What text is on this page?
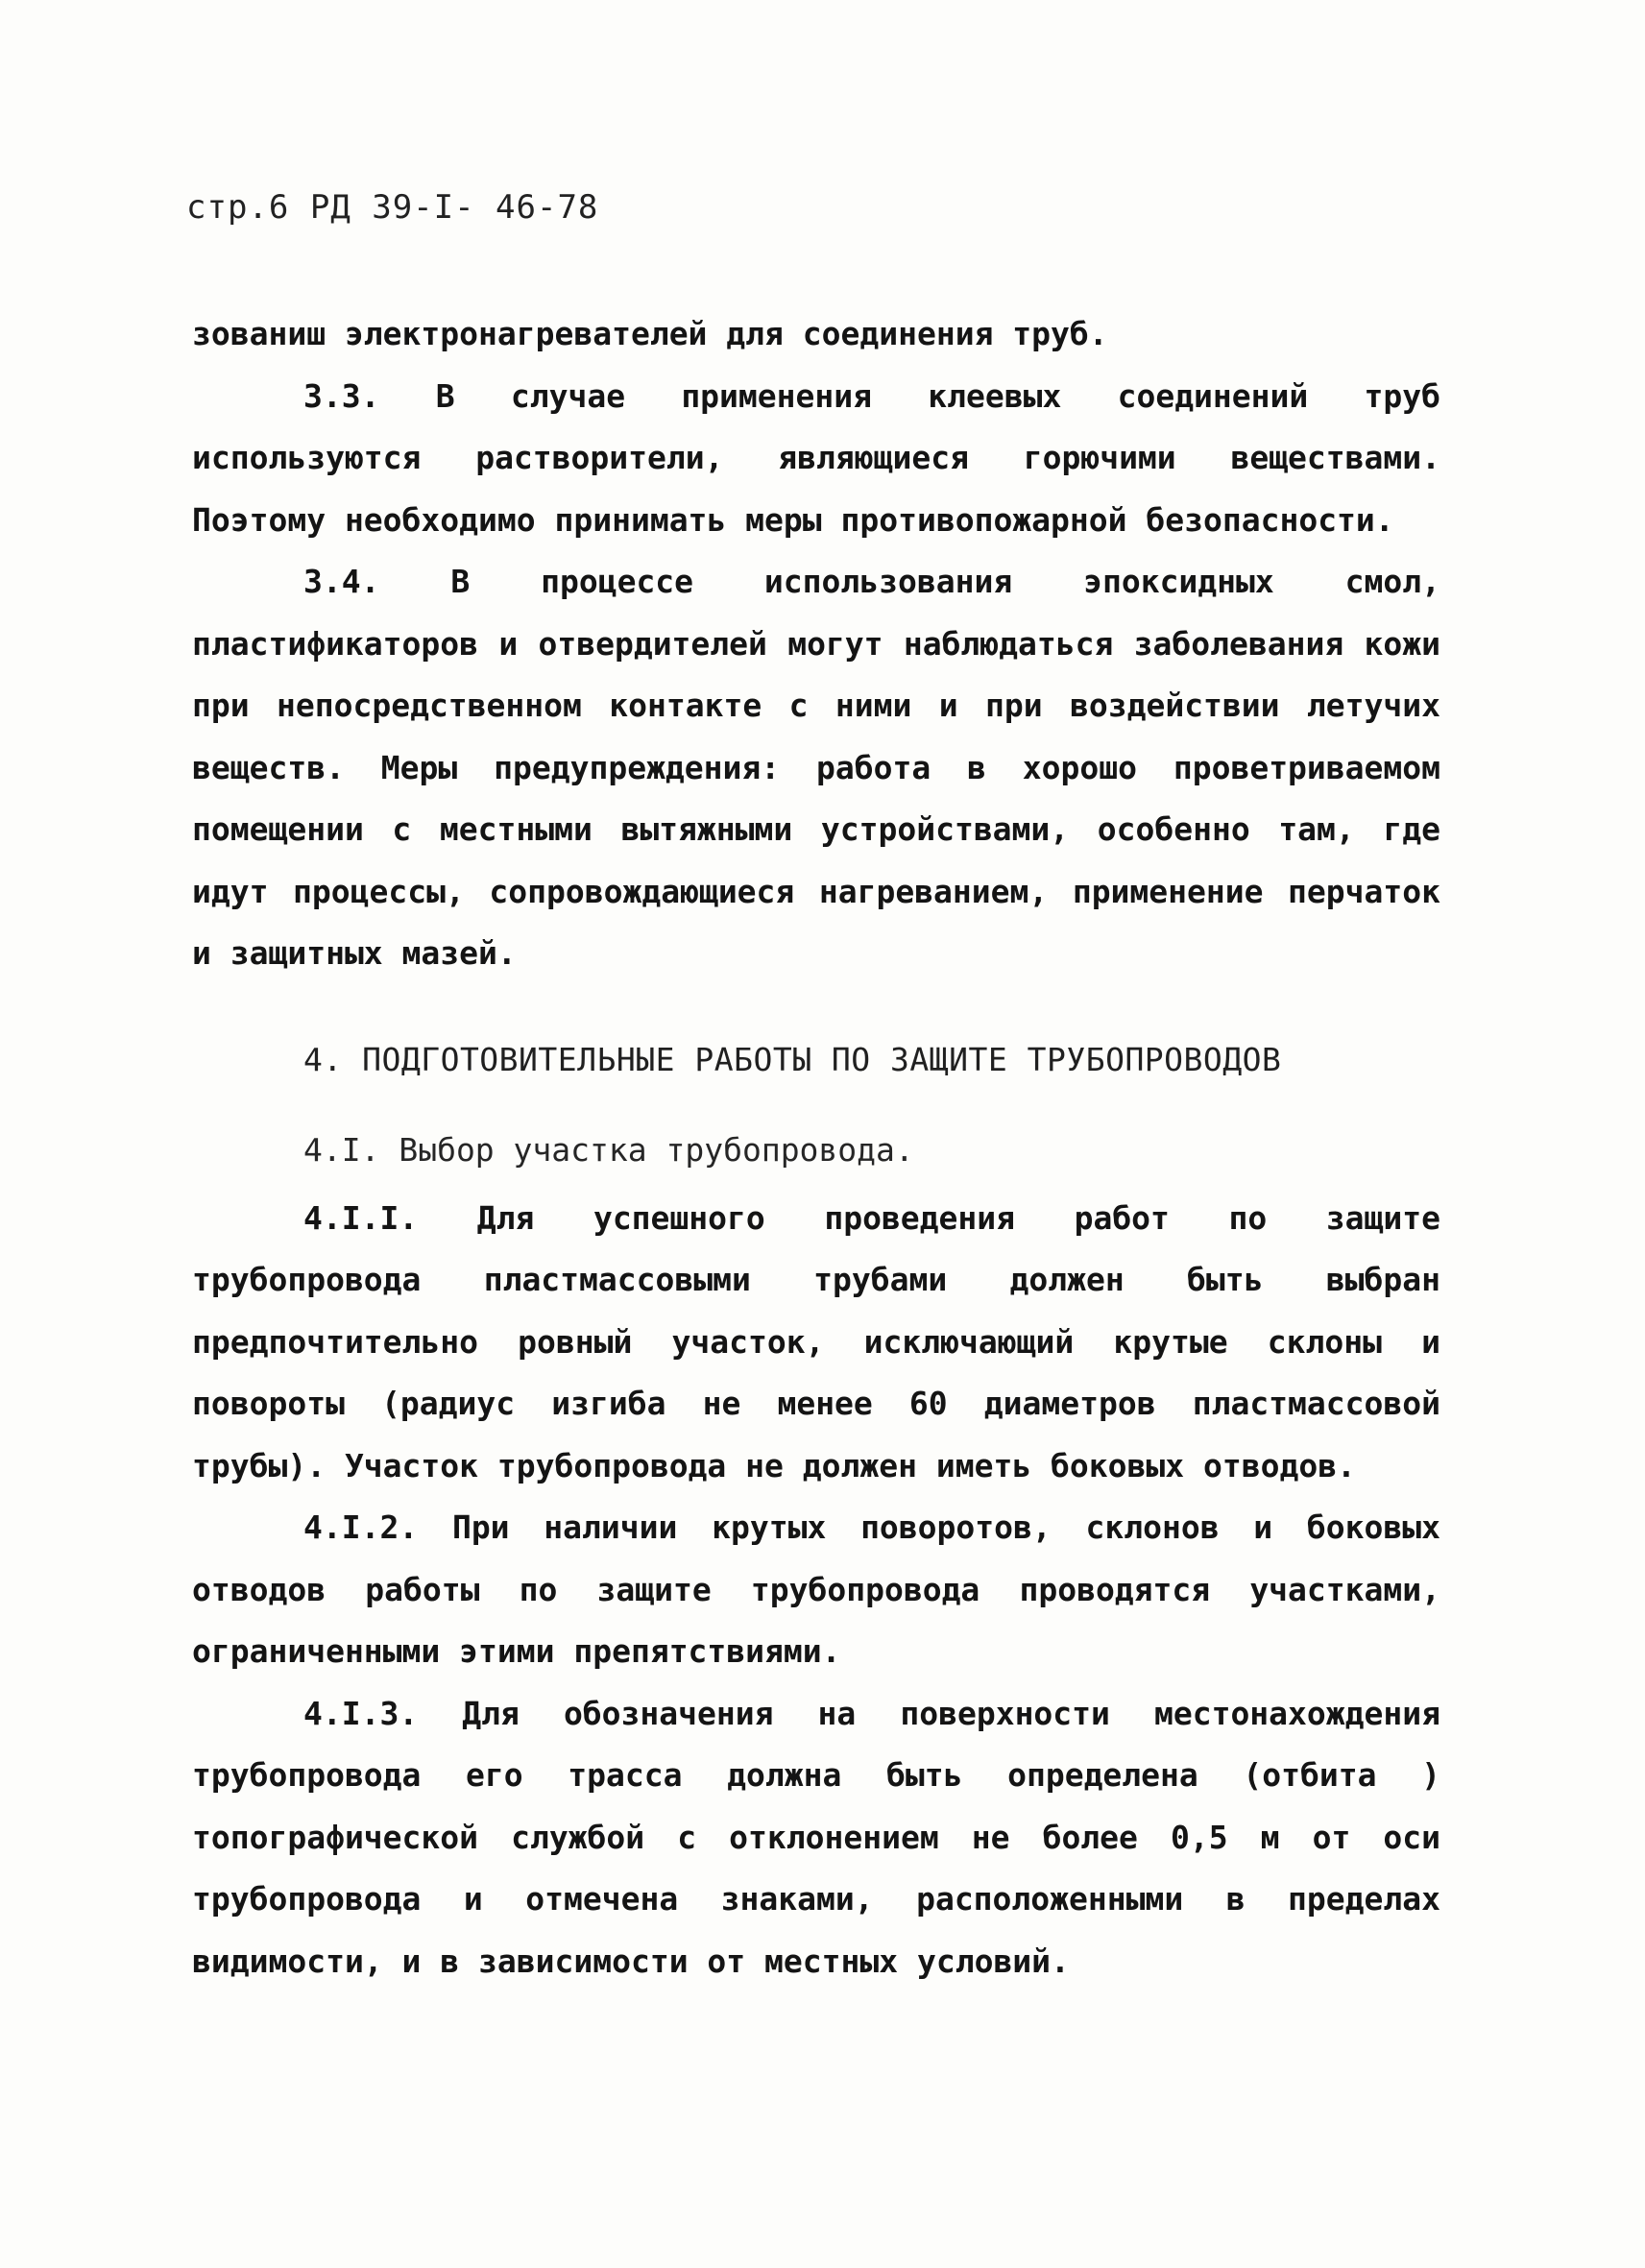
стр.6 РД 39-I- 46-78

зованиш электронагревателей для соединения труб.

3.3. В случае применения клеевых соединений труб используются растворители, являющиеся горючими веществами. Поэтому необходимо принимать меры противопожарной безопасности.

3.4. В процессе использования эпоксидных смол, пластификаторов и отвердителей могут наблюдаться заболевания кожи при непосредственном контакте с ними и при воздействии летучих веществ. Меры предупреждения: работа в хорошо проветриваемом помещении с местными вытяжными устройствами, особенно там, где идут процессы, сопровождающиеся нагреванием, применение перчаток и защитных мазей.

4. ПОДГОТОВИТЕЛЬНЫЕ РАБОТЫ ПО ЗАЩИТЕ ТРУБОПРОВОДОВ

4.I. Выбор участка трубопровода.

4.I.I. Для успешного проведения работ по защите трубопровода пластмассовыми трубами должен быть выбран предпочтительно ровный участок, исключающий крутые склоны и повороты (радиус изгиба не менее 60 диаметров пластмассовой трубы). Участок трубопровода не должен иметь боковых отводов.

4.I.2. При наличии крутых поворотов, склонов и боковых отводов работы по защите трубопровода проводятся участками, ограниченными этими препятствиями.

4.I.3. Для обозначения на поверхности местонахождения трубопровода его трасса должна быть определена (отбита ) топографической службой с отклонением не более 0,5 м от оси трубопровода и отмечена знаками, расположенными в пределах видимости, и в зависимости от местных условий.
